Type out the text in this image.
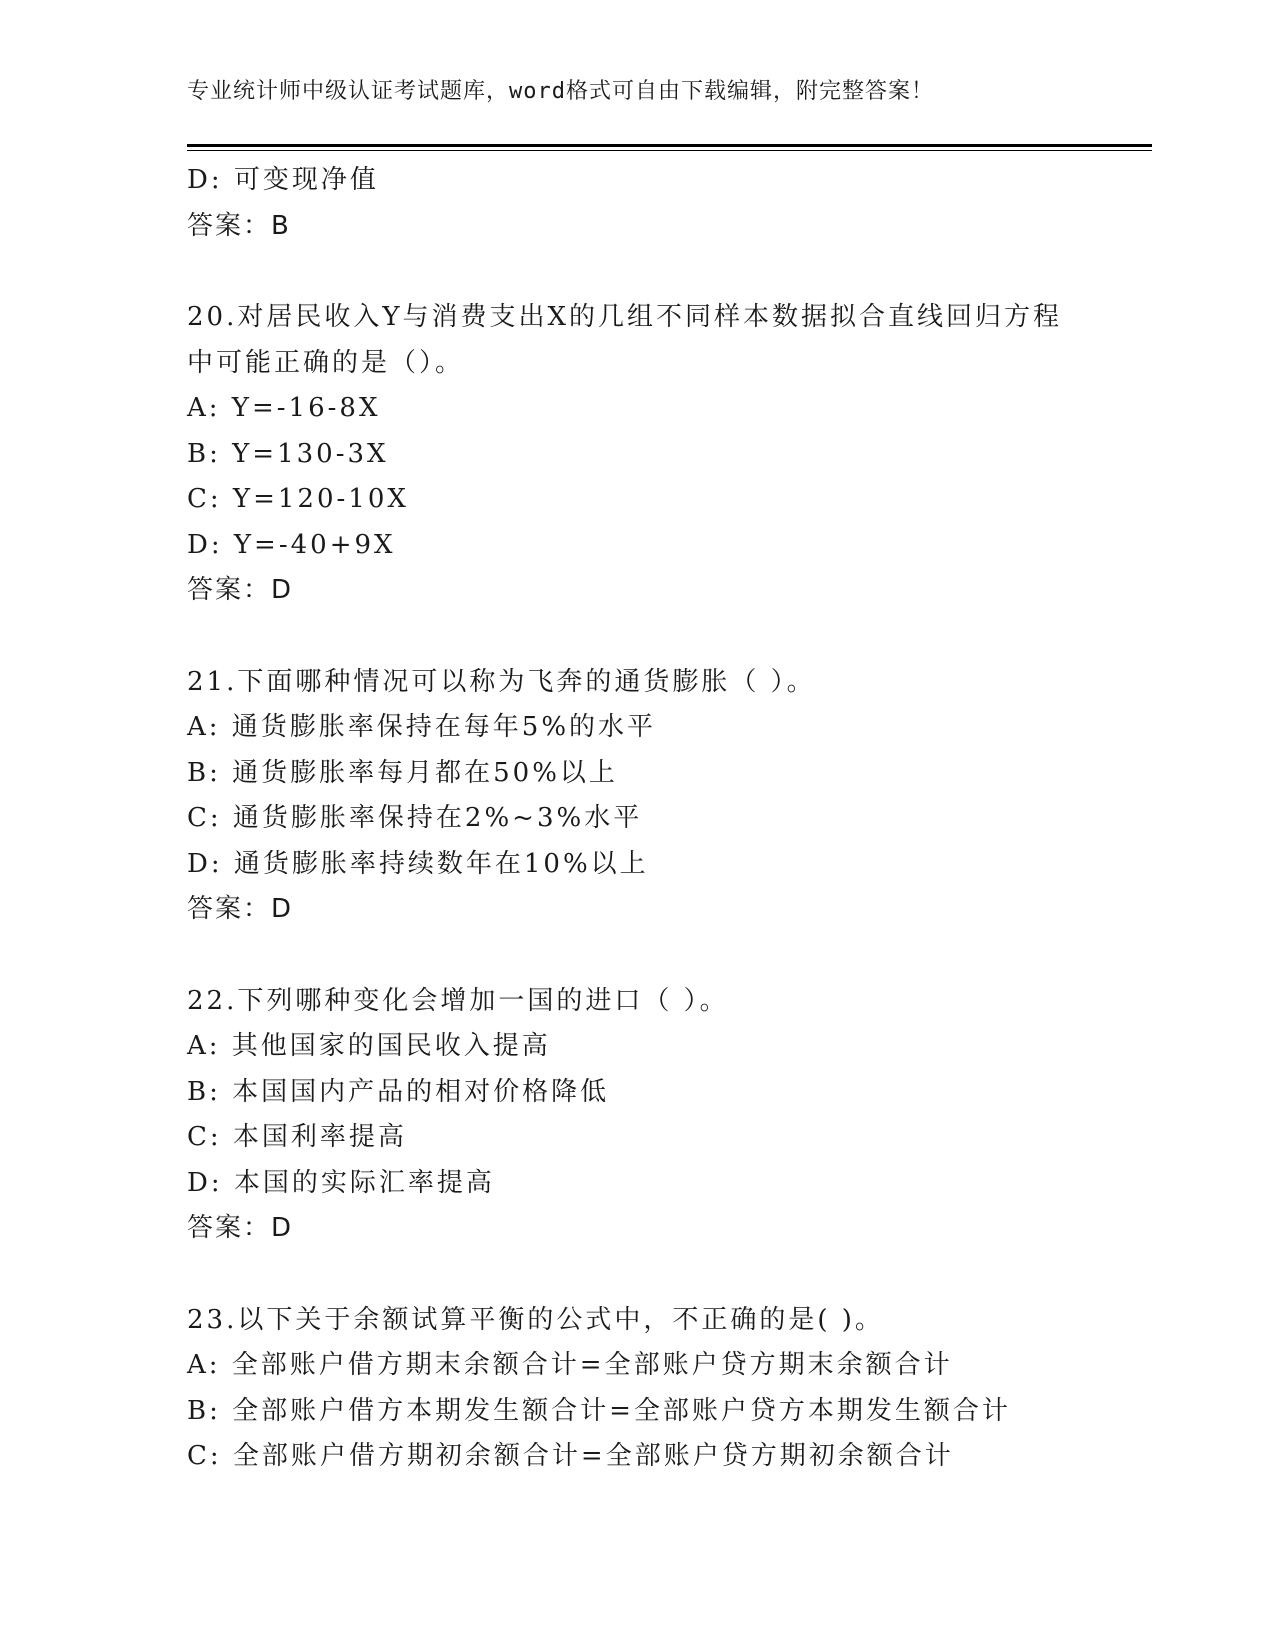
专业统计师中级认证考试题库，word格式可自由下载编辑，附完整答案！
D: 可变现净值
答案：B
20.对居民收入Y与消费支出X的几组不同样本数据拟合直线回归方程
中可能正确的是（）。
A: Y=-16-8X
B: Y=130-3X
C: Y=120-10X
D: Y=-40+9X
答案：D
21.下面哪种情况可以称为飞奔的通货膨胀（ ）。
A: 通货膨胀率保持在每年5%的水平
B: 通货膨胀率每月都在50%以上
C: 通货膨胀率保持在2%~3%水平
D: 通货膨胀率持续数年在10%以上
答案：D
22.下列哪种变化会增加一国的进口（ ）。
A: 其他国家的国民收入提高
B: 本国国内产品的相对价格降低
C: 本国利率提高
D: 本国的实际汇率提高
答案：D
23.以下关于余额试算平衡的公式中，不正确的是( )。
A: 全部账户借方期末余额合计=全部账户贷方期末余额合计
B: 全部账户借方本期发生额合计=全部账户贷方本期发生额合计
C: 全部账户借方期初余额合计=全部账户贷方期初余额合计
